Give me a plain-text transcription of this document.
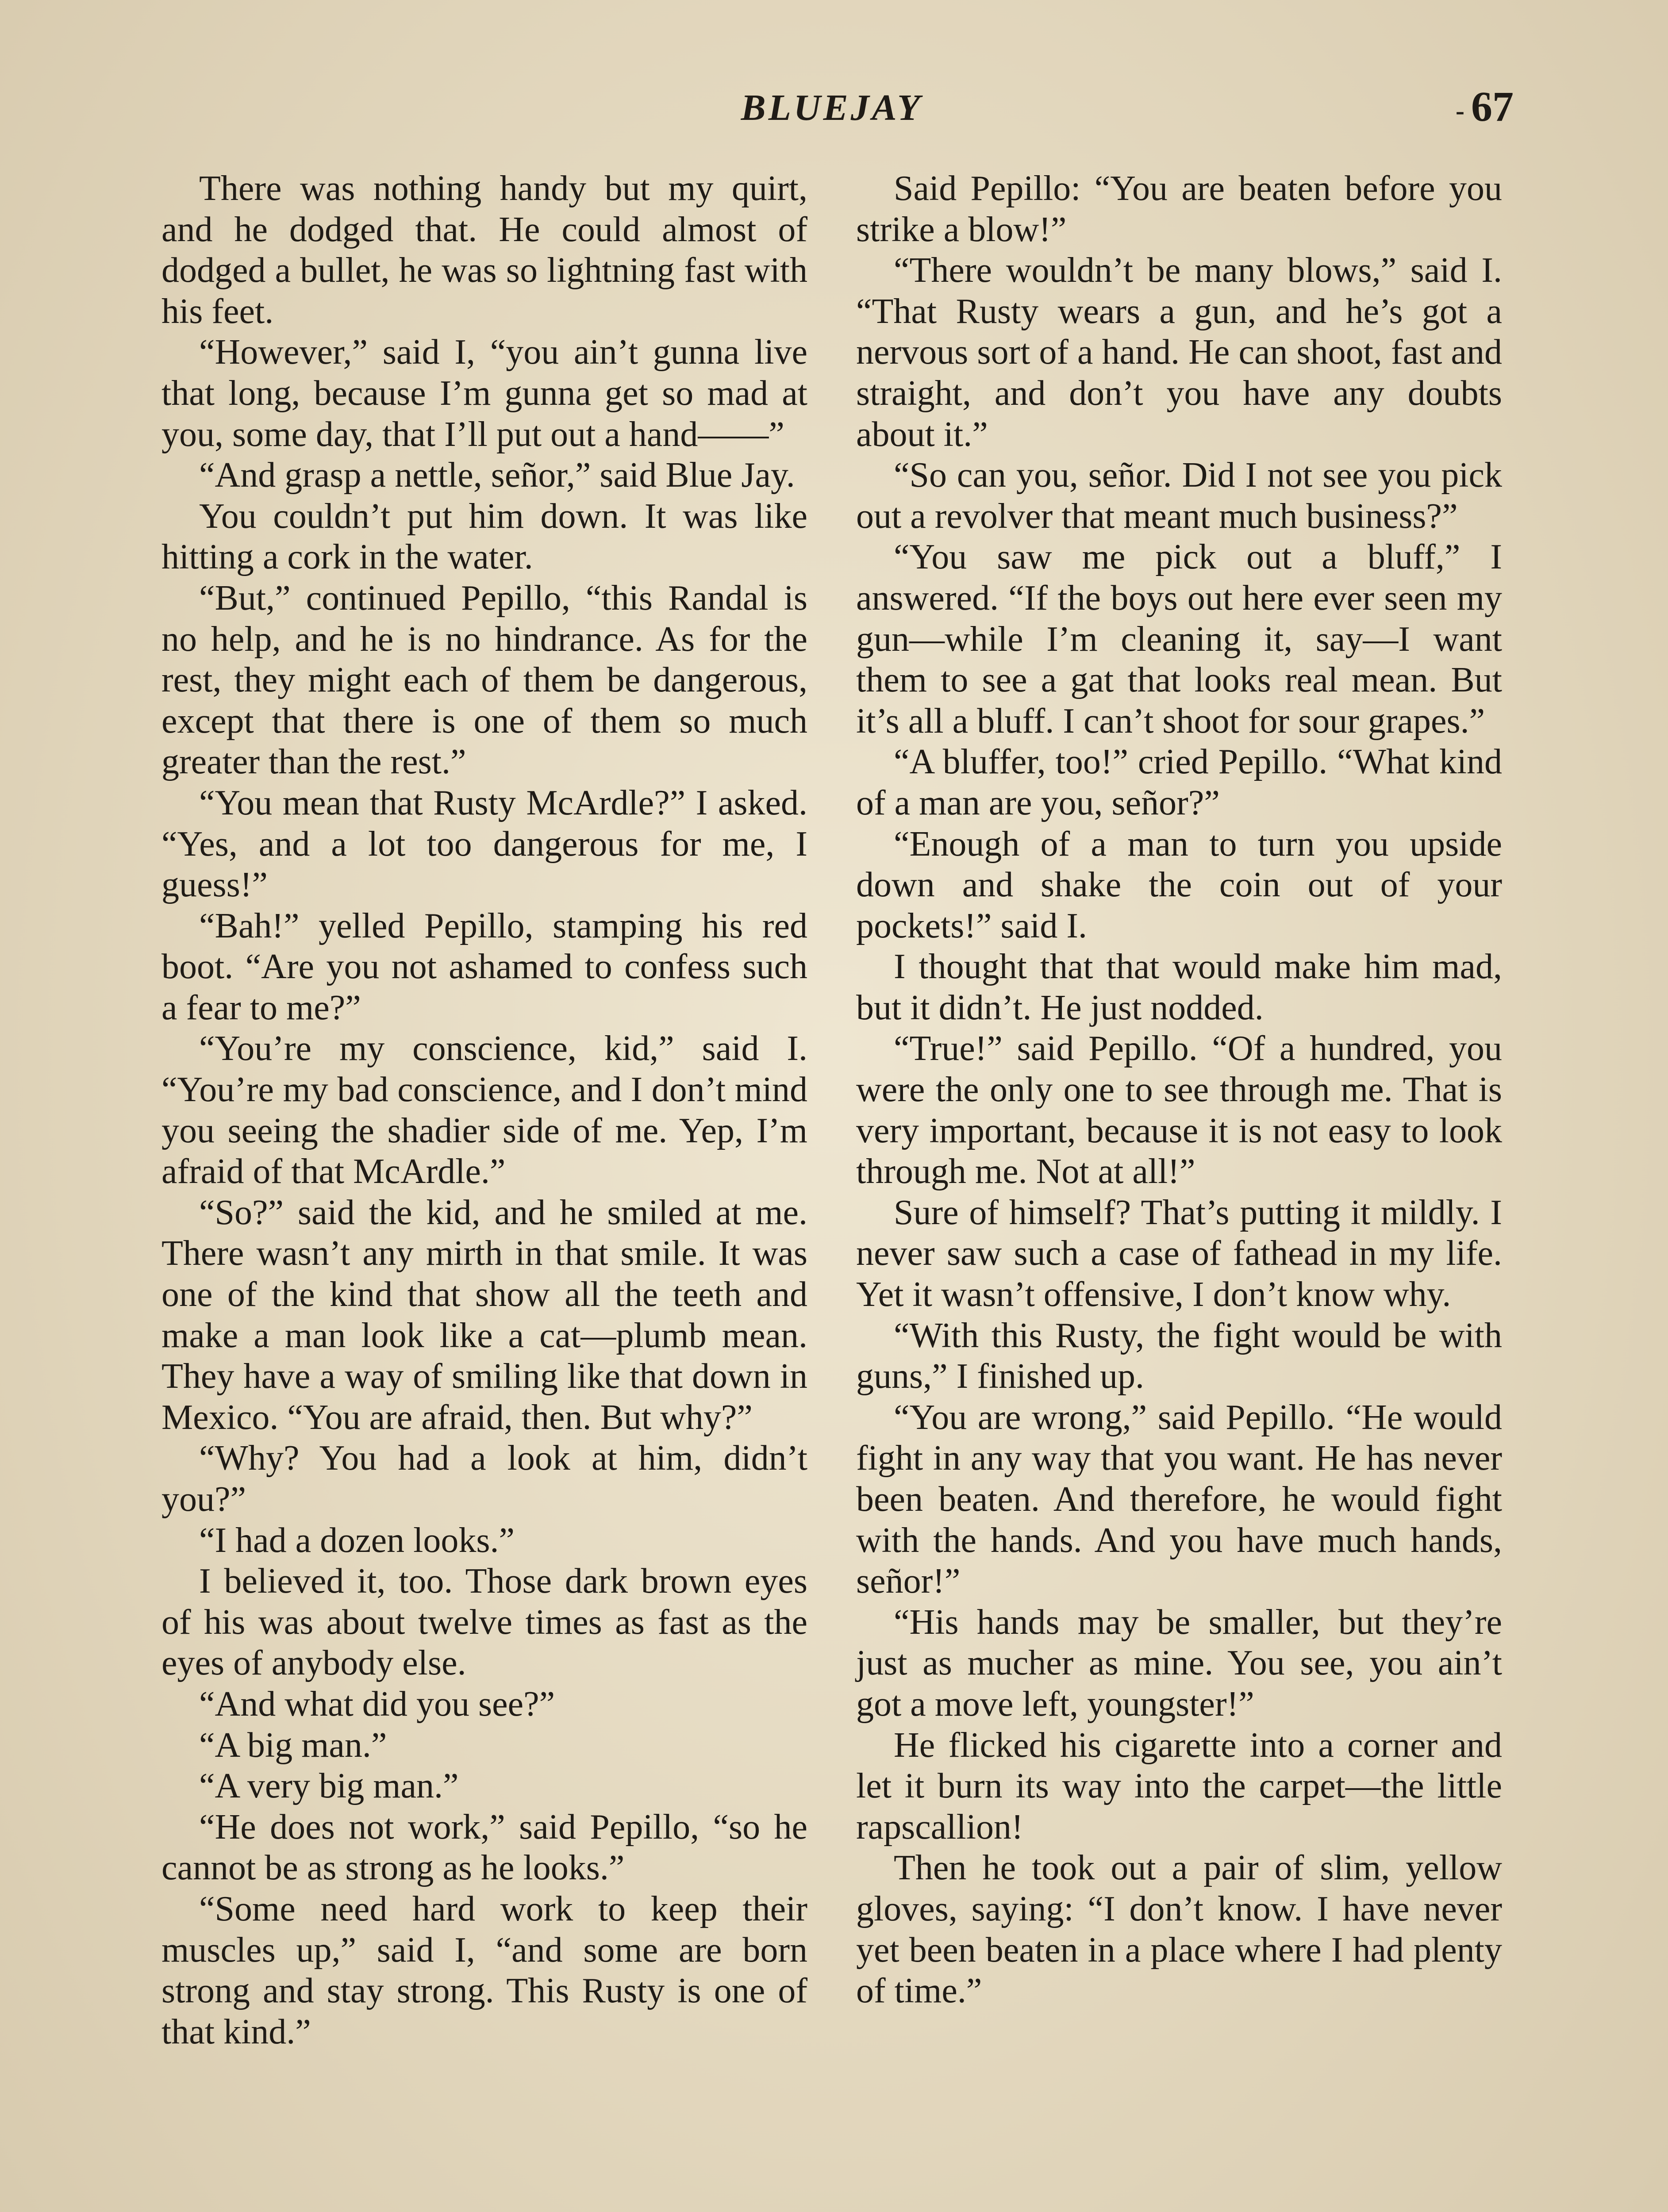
BLUEJAY
-	67

There was nothing handy but my quirt, and he dodged that. He could almost of dodged a bullet, he was so lightning fast with his feet.

“However,” said I, “you ain’t gunna live that long, because I’m gunna get so mad at you, some day, that I’ll put out a hand——”

“And grasp a nettle, señor,” said Blue Jay.

You couldn’t put him down. It was like hitting a cork in the water.

“But,” continued Pepillo, “this Randal is no help, and he is no hindrance. As for the rest, they might each of them be dangerous, except that there is one of them so much greater than the rest.”

“You mean that Rusty McArdle?” I asked. “Yes, and a lot too dangerous for me, I guess!”

“Bah!” yelled Pepillo, stamping his red boot. “Are you not ashamed to confess such a fear to me?”

“You’re my conscience, kid,” said I. “You’re my bad conscience, and I don’t mind you seeing the shadier side of me. Yep, I’m afraid of that McArdle.”

“So?” said the kid, and he smiled at me. There wasn’t any mirth in that smile. It was one of the kind that show all the teeth and make a man look like a cat—plumb mean. They have a way of smiling like that down in Mexico. “You are afraid, then. But why?”

“Why? You had a look at him, didn’t you?”

“I had a dozen looks.”

I believed it, too. Those dark brown eyes of his was about twelve times as fast as the eyes of anybody else.

“And what did you see?”

“A big man.”

“A very big man.”

“He does not work,” said Pepillo, “so he cannot be as strong as he looks.”

“Some need hard work to keep their muscles up,” said I, “and some are born strong and stay strong. This Rusty is one of that kind.”

Said Pepillo: “You are beaten before you strike a blow!”

“There wouldn’t be many blows,” said I. “That Rusty wears a gun, and he’s got a nervous sort of a hand. He can shoot, fast and straight, and don’t you have any doubts about it.”

“So can you, señor. Did I not see you pick out a revolver that meant much business?”

“You saw me pick out a bluff,” I answered. “If the boys out here ever seen my gun—while I’m cleaning it, say—I want them to see a gat that looks real mean. But it’s all a bluff. I can’t shoot for sour grapes.”

“A bluffer, too!” cried Pepillo. “What kind of a man are you, señor?”

“Enough of a man to turn you upside down and shake the coin out of your pockets!” said I.

I thought that that would make him mad, but it didn’t. He just nodded.

“True!” said Pepillo. “Of a hundred, you were the only one to see through me. That is very important, because it is not easy to look through me. Not at all!”

Sure of himself? That’s putting it mildly. I never saw such a case of fathead in my life. Yet it wasn’t offensive, I don’t know why.

“With this Rusty, the fight would be with guns,” I finished up.

“You are wrong,” said Pepillo. “He would fight in any way that you want. He has never been beaten. And therefore, he would fight with the hands. And you have much hands, señor!”

“His hands may be smaller, but they’re just as mucher as mine. You see, you ain’t got a move left, youngster!”

He flicked his cigarette into a corner and let it burn its way into the carpet—the little rapscallion!

Then he took out a pair of slim, yellow gloves, saying: “I don’t know. I have never yet been beaten in a place where I had plenty of time.”
